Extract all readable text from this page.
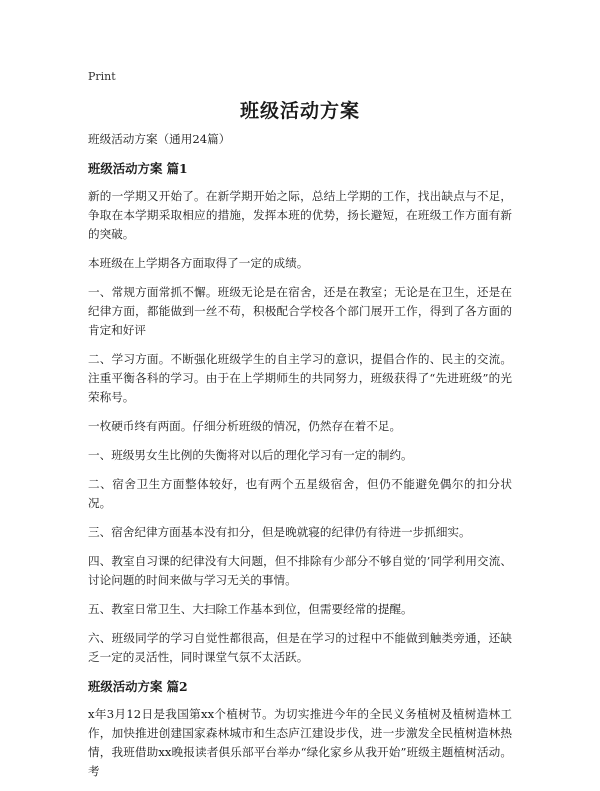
Print
班级活动方案

班级活动方案（通用24篇）

班级活动方案 篇1

新的一学期又开始了。在新学期开始之际，总结上学期的工作，找出缺点与不足，争取在本学期采取相应的措施，发挥本班的优势，扬长避短，在班级工作方面有新的突破。

本班级在上学期各方面取得了一定的成绩。

一、常规方面常抓不懈。班级无论是在宿舍，还是在教室；无论是在卫生，还是在纪律方面，都能做到一丝不苟，积极配合学校各个部门展开工作，得到了各方面的肯定和好评

二、学习方面。不断强化班级学生的自主学习的意识，提倡合作的、民主的交流。注重平衡各科的学习。由于在上学期师生的共同努力，班级获得了“先进班级”的光荣称号。

一枚硬币终有两面。仔细分析班级的情况，仍然存在着不足。

一、班级男女生比例的失衡将对以后的理化学习有一定的制约。

二、宿舍卫生方面整体较好，也有两个五星级宿舍，但仍不能避免偶尔的扣分状况。

三、宿舍纪律方面基本没有扣分，但是晚就寝的纪律仍有待进一步抓细实。

四、教室自习课的纪律没有大问题，但不排除有少部分不够自觉的’同学利用交流、讨论问题的时间来做与学习无关的事情。

五、教室日常卫生、大扫除工作基本到位，但需要经常的提醒。

六、班级同学的学习自觉性都很高，但是在学习的过程中不能做到触类旁通，还缺乏一定的灵活性，同时课堂气氛不太活跃。

班级活动方案 篇2

x年3月12日是我国第xx个植树节。为切实推进今年的全民义务植树及植树造林工作，加快推进创建国家森林城市和生态庐江建设步伐，进一步激发全民植树造林热情，我班借助xx晚报读者俱乐部平台举办“绿化家乡从我开始”班级主题植树活动。考
